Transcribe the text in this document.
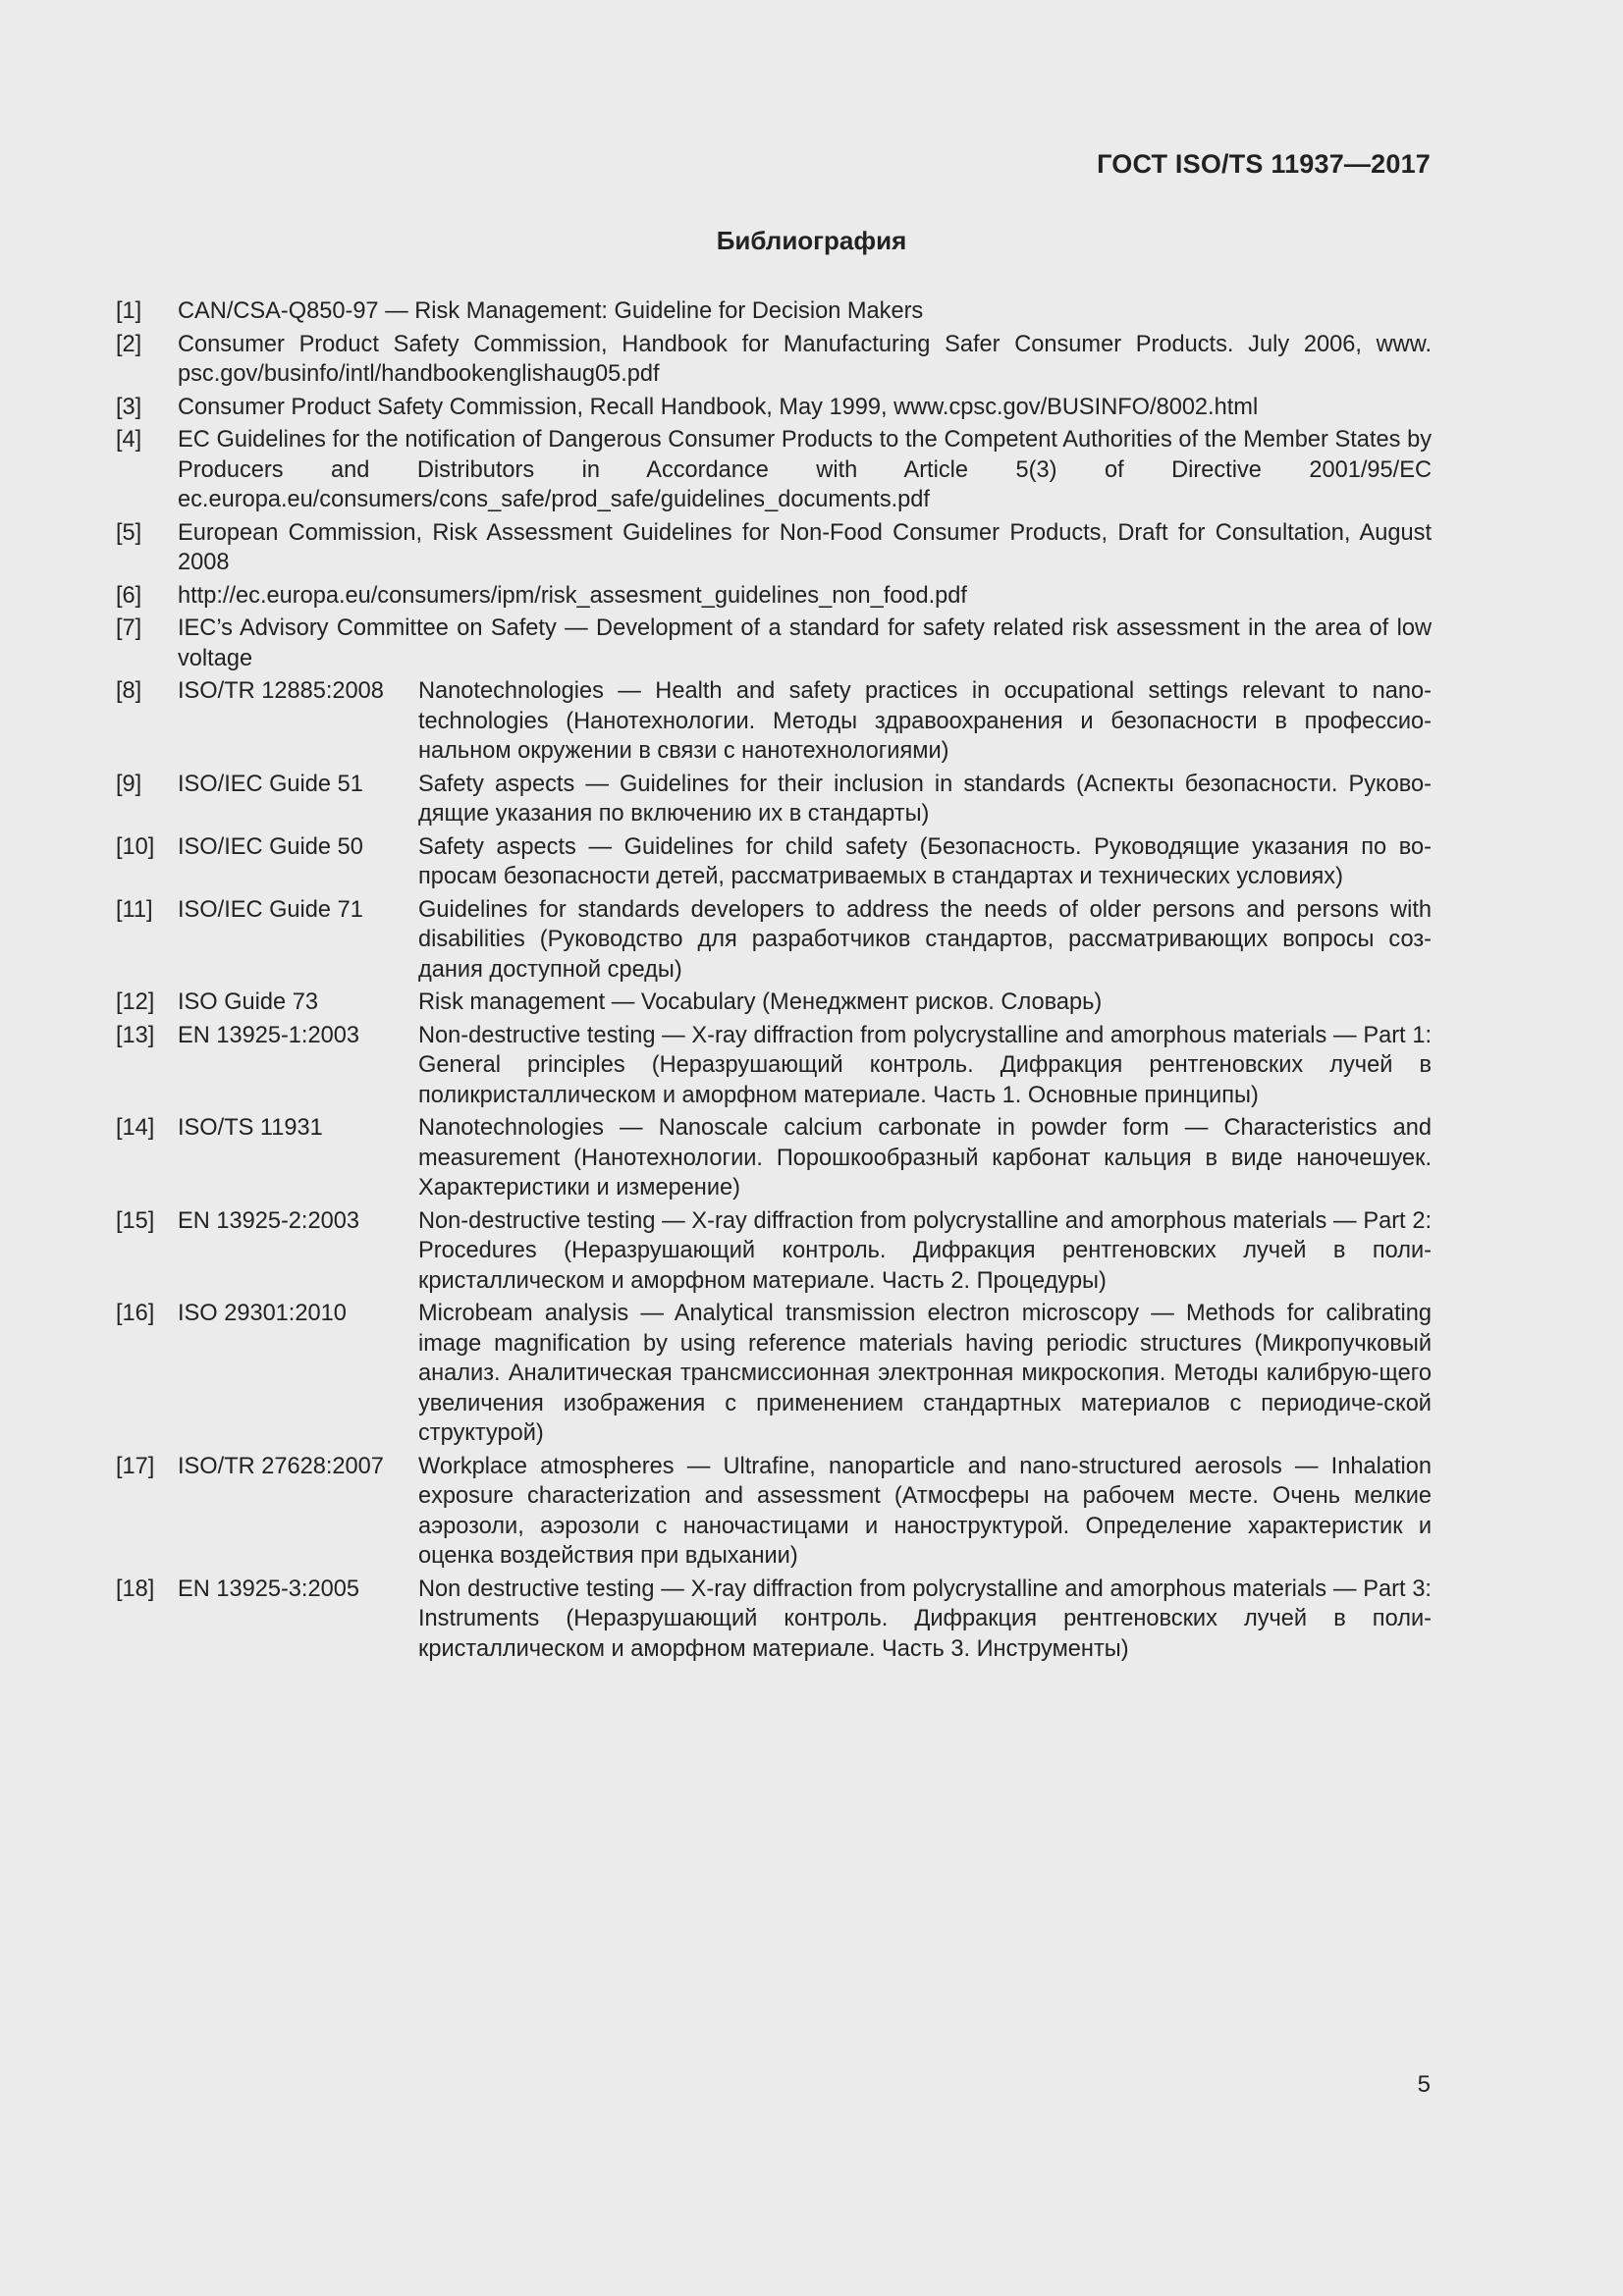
ГОСТ ISO/TS 11937—2017
Библиография
[1]	CAN/CSA-Q850-97 — Risk Management: Guideline for Decision Makers
[2]	Consumer Product Safety Commission, Handbook for Manufacturing Safer Consumer Products. July 2006, www. psc.gov/businfo/intl/handbookenglishaug05.pdf
[3]	Consumer Product Safety Commission, Recall Handbook, May 1999, www.cpsc.gov/BUSINFO/8002.html
[4]	EC Guidelines for the notification of Dangerous Consumer Products to the Competent Authorities of the Member States by Producers and Distributors in Accordance with Article 5(3) of Directive 2001/95/EC ec.europa.eu/consumers/cons_safe/prod_safe/guidelines_documents.pdf
[5]	European Commission, Risk Assessment Guidelines for Non-Food Consumer Products, Draft for Consultation, August 2008
[6]	http://ec.europa.eu/consumers/ipm/risk_assesment_guidelines_non_food.pdf
[7]	IEC’s Advisory Committee on Safety — Development of a standard for safety related risk assessment in the area of low voltage
[8]	ISO/TR 12885:2008	Nanotechnologies — Health and safety practices in occupational settings relevant to nano-technologies (Нанотехнологии. Методы здравоохранения и безопасности в профессио-нальном окружении в связи с нанотехнологиями)
[9]	ISO/IEC Guide 51	Safety aspects — Guidelines for their inclusion in standards (Аспекты безопасности. Руково-дящие указания по включению их в стандарты)
[10]	ISO/IEC Guide 50	Safety aspects — Guidelines for child safety (Безопасность. Руководящие указания по во-просам безопасности детей, рассматриваемых в стандартах и технических условиях)
[11]	ISO/IEC Guide 71	Guidelines for standards developers to address the needs of older persons and persons with disabilities (Руководство для разработчиков стандартов, рассматривающих вопросы соз-дания доступной среды)
[12]	ISO Guide 73	Risk management — Vocabulary (Менеджмент рисков. Словарь)
[13]	EN 13925-1:2003	Non-destructive testing — X-ray diffraction from polycrystalline and amorphous materials — Part 1: General principles (Неразрушающий контроль. Дифракция рентгеновских лучей в поликристаллическом и аморфном материале. Часть 1. Основные принципы)
[14]	ISO/TS 11931	Nanotechnologies — Nanoscale calcium carbonate in powder form — Characteristics and measurement (Нанотехнологии. Порошкообразный карбонат кальция в виде наночешуек. Характеристики и измерение)
[15]	EN 13925-2:2003	Non-destructive testing — X-ray diffraction from polycrystalline and amorphous materials — Part 2: Procedures (Неразрушающий контроль. Дифракция рентгеновских лучей в поли-кристаллическом и аморфном материале. Часть 2. Процедуры)
[16]	ISO 29301:2010	Microbeam analysis — Analytical transmission electron microscopy — Methods for calibrating image magnification by using reference materials having periodic structures (Микропучковый анализ. Аналитическая трансмиссионная электронная микроскопия. Методы калибрую-щего увеличения изображения с применением стандартных материалов с периодиче-ской структурой)
[17]	ISO/TR 27628:2007	Workplace atmospheres — Ultrafine, nanoparticle and nano-structured aerosols — Inhalation exposure characterization and assessment (Атмосферы на рабочем месте. Очень мелкие аэрозоли, аэрозоли с наночастицами и наноструктурой. Определение характеристик и оценка воздействия при вдыхании)
[18]	EN 13925-3:2005	Non destructive testing — X-ray diffraction from polycrystalline and amorphous materials — Part 3: Instruments (Неразрушающий контроль. Дифракция рентгеновских лучей в поли-кристаллическом и аморфном материале. Часть 3. Инструменты)
5
